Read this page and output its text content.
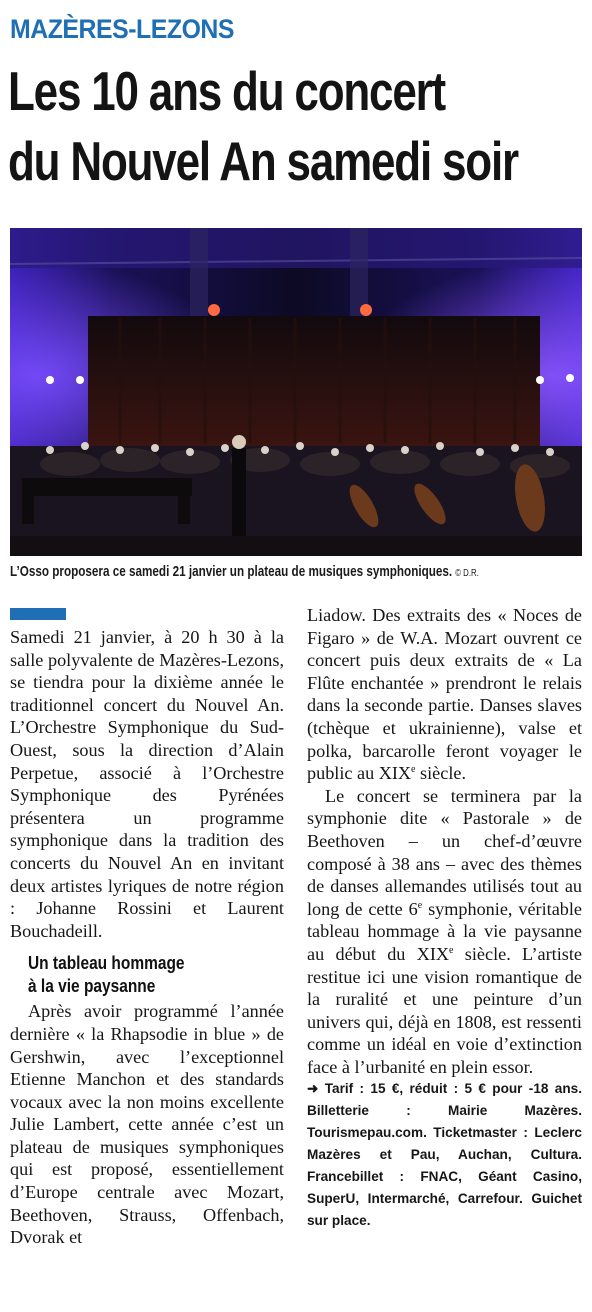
MAZÈRES-LEZONS
Les 10 ans du concert
du Nouvel An samedi soir
L’Osso proposera ce samedi 21 janvier un plateau de musiques symphoniques. © D.R.

Samedi 21 janvier, à 20 h 30 à la salle polyvalente de Mazères-Lezons, se tiendra pour la dixième année le traditionnel concert du Nouvel An. L’Orchestre Symphonique du Sud-Ouest, sous la direction d’Alain Perpetue, associé à l’Orchestre Symphonique des Pyrénées présentera un programme symphonique dans la tradition des concerts du Nouvel An en invitant deux artistes lyriques de notre région : Johanne Rossini et Laurent Bouchadeill.

Un tableau hommage
à la vie paysanne

Après avoir programmé l’année dernière « la Rhapsodie in blue » de Gershwin, avec l’exceptionnel Etienne Manchon et des standards vocaux avec la non moins excellente Julie Lambert, cette année c’est un plateau de musiques symphoniques qui est proposé, essentiellement d’Europe centrale avec Mozart, Beethoven, Strauss, Offenbach, Dvorak et

Liadow. Des extraits des « Noces de Figaro » de W.A. Mozart ouvrent ce concert puis deux extraits de « La Flûte enchantée » prendront le relais dans la seconde partie. Danses slaves (tchèque et ukrainienne), valse et polka, barcarolle feront voyager le public au XIXe siècle.

Le concert se terminera par la symphonie dite « Pastorale » de Beethoven – un chef-d’œuvre composé à 38 ans – avec des thèmes de danses allemandes utilisés tout au long de cette 6e symphonie, véritable tableau hommage à la vie paysanne au début du XIXe siècle. L’artiste restitue ici une vision romantique de la ruralité et une peinture d’un univers qui, déjà en 1808, est ressenti comme un idéal en voie d’extinction face à l’urbanité en plein essor.

➜ Tarif : 15 €, réduit : 5 € pour -18 ans. Billetterie : Mairie Mazères. Tourismepau.com. Ticketmaster : Leclerc Mazères et Pau, Auchan, Cultura. Francebillet : FNAC, Géant Casino, SuperU, Intermarché, Carrefour. Guichet sur place.
